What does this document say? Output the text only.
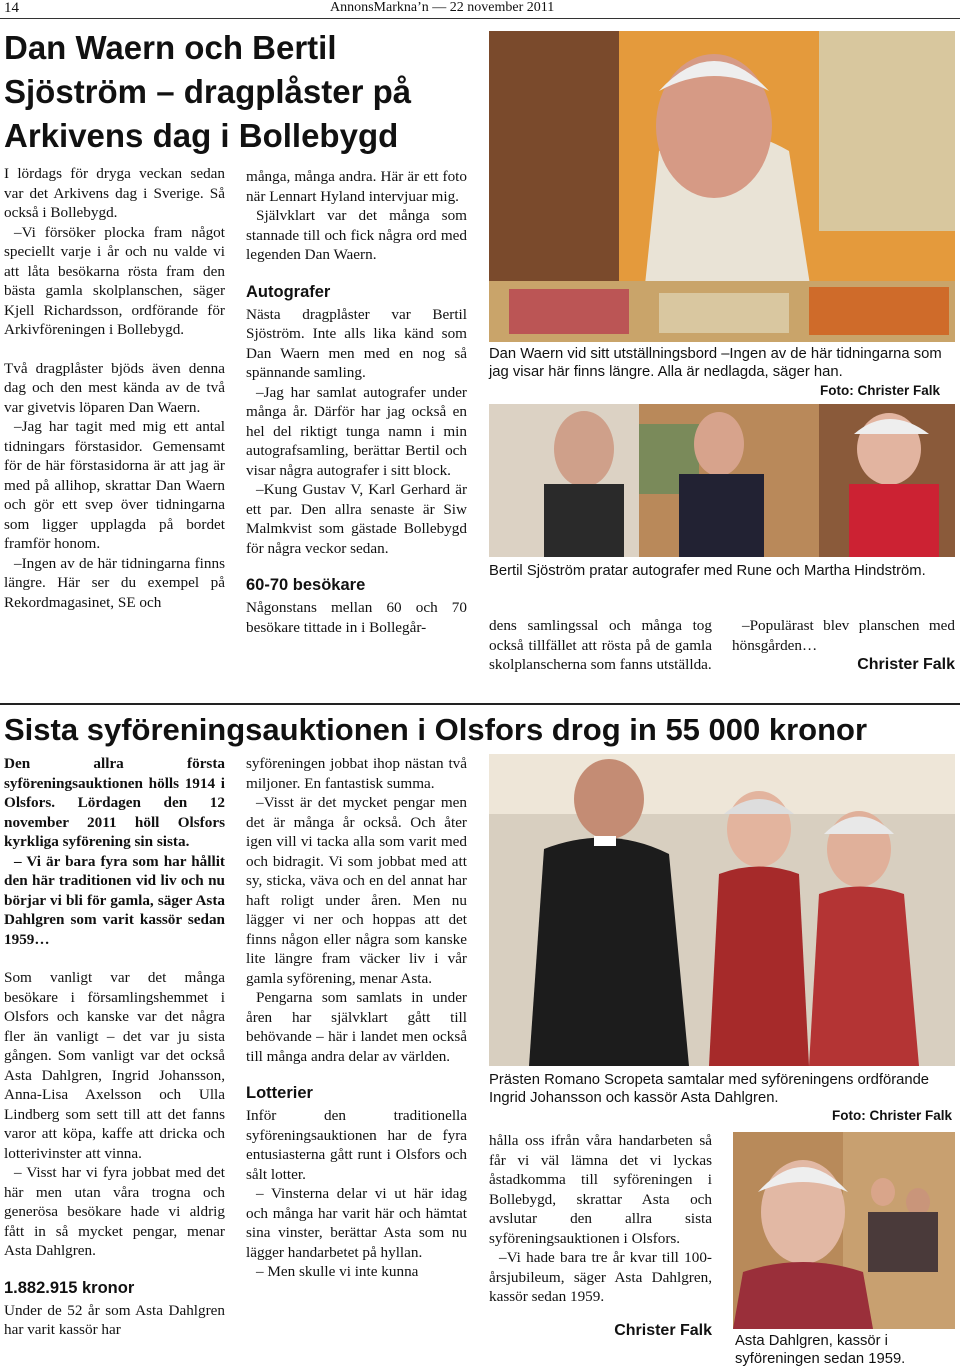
14	AnnonsMarkna’n — 22 november 2011
Dan Waern och Bertil Sjöström – dragplåster på Arkivens dag i Bollebygd

I lördags för dryga veckan sedan var det Arkivens dag i Sverige. Så också i Bollebygd.

–Vi försöker plocka fram något speciellt varje i år och nu valde vi att låta besökarna rösta fram den bästa gamla skolplanschen, säger Kjell Richardsson, ordförande för Arkivföreningen i Bollebygd.

Två dragplåster bjöds även denna dag och den mest kända av de två var givetvis löparen Dan Waern.

–Jag har tagit med mig ett antal tidningars förstasidor. Gemensamt för de här förstasidorna är att jag är med på allihop, skrattar Dan Waern och gör ett svep över tidningarna som ligger upplagda på bordet framför honom.

–Ingen av de här tidningarna finns längre. Här ser du exempel på Rekordmagasinet, SE och

många, många andra. Här är ett foto när Lennart Hyland intervjuar mig.

Självklart var det många som stannade till och fick några ord med legenden Dan Waern.

Autografer

Nästa dragplåster var Bertil Sjöström. Inte alls lika känd som Dan Waern men med en nog så spännande samling.

–Jag har samlat autografer under många år. Därför har jag också en hel del riktigt tunga namn i min autografsamling, berättar Bertil och visar några autografer i sitt block.

–Kung Gustav V, Karl Gerhard är ett par. Den allra senaste är Siw Malmkvist som gästade Bollebygd för några veckor sedan.

60-70 besökare

Någonstans mellan 60 och 70 besökare tittade in i Bollegår-

Dan Waern vid sitt utställningsbord –Ingen av de här tidningarna som jag visar här finns längre. Alla är nedlagda, säger han.
Foto: Christer Falk
Bertil Sjöström pratar autografer med Rune och Martha Hindström.

dens samlingssal och många tog också tillfället att rösta på de gamla skolplanscherna som fanns utställda.

–Populärast blev planschen med hönsgården…

Christer Falk
Sista syföreningsauktionen i Olsfors drog in 55 000 kronor

Den allra första syföreningsauktionen hölls 1914 i Olsfors. Lördagen den 12 november 2011 höll Olsfors kyrkliga syförening sin sista.

– Vi är bara fyra som har hållit den här traditionen vid liv och nu börjar vi bli för gamla, säger Asta Dahlgren som varit kassör sedan 1959…

Som vanligt var det många besökare i församlingshemmet i Olsfors och kanske var det några fler än vanligt – det var ju sista gången. Som vanligt var det också Asta Dahlgren, Ingrid Johansson, Anna-Lisa Axelsson och Ulla Lindberg som sett till att det fanns varor att köpa, kaffe att dricka och lotterivinster att vinna.

– Visst har vi fyra jobbat med det här men utan våra trogna och generösa besökare hade vi aldrig fått in så mycket pengar, menar Asta Dahlgren.

1.882.915 kronor

Under de 52 år som Asta Dahlgren har varit kassör har

syföreningen jobbat ihop nästan två miljoner. En fantastisk summa.

–Visst är det mycket pengar men det är många år också. Och åter igen vill vi tacka alla som varit med och bidragit. Vi som jobbat med att sy, sticka, väva och en del annat har haft roligt under åren. Men nu lägger vi ner och hoppas att det finns någon eller några som kanske lite längre fram väcker liv i vår gamla syförening, menar Asta.

Pengarna som samlats in under åren har självklart gått till behövande – här i landet men också till många andra delar av världen.

Lotterier

Inför den traditionella syföreningsauktionen har de fyra entusiasterna gått runt i Olsfors och sålt lotter.

– Vinsterna delar vi ut här idag och många har varit här och hämtat sina vinster, berättar Asta som nu lägger handarbetet på hyllan.

– Men skulle vi inte kunna

Prästen Romano Scropeta samtalar med syföreningens ordförande Ingrid Johansson och kassör Asta Dahlgren.
Foto: Christer Falk

hålla oss ifrån våra handarbeten så får vi väl lämna det vi lyckas åstadkomma till syföreningen i Bollebygd, skrattar Asta och avslutar den allra sista syföreningsauktionen i Olsfors.

–Vi hade bara tre år kvar till 100-årsjubileum, säger Asta Dahlgren, kassör sedan 1959.

Christer Falk
Asta Dahlgren, kassör i syföreningen sedan 1959.
